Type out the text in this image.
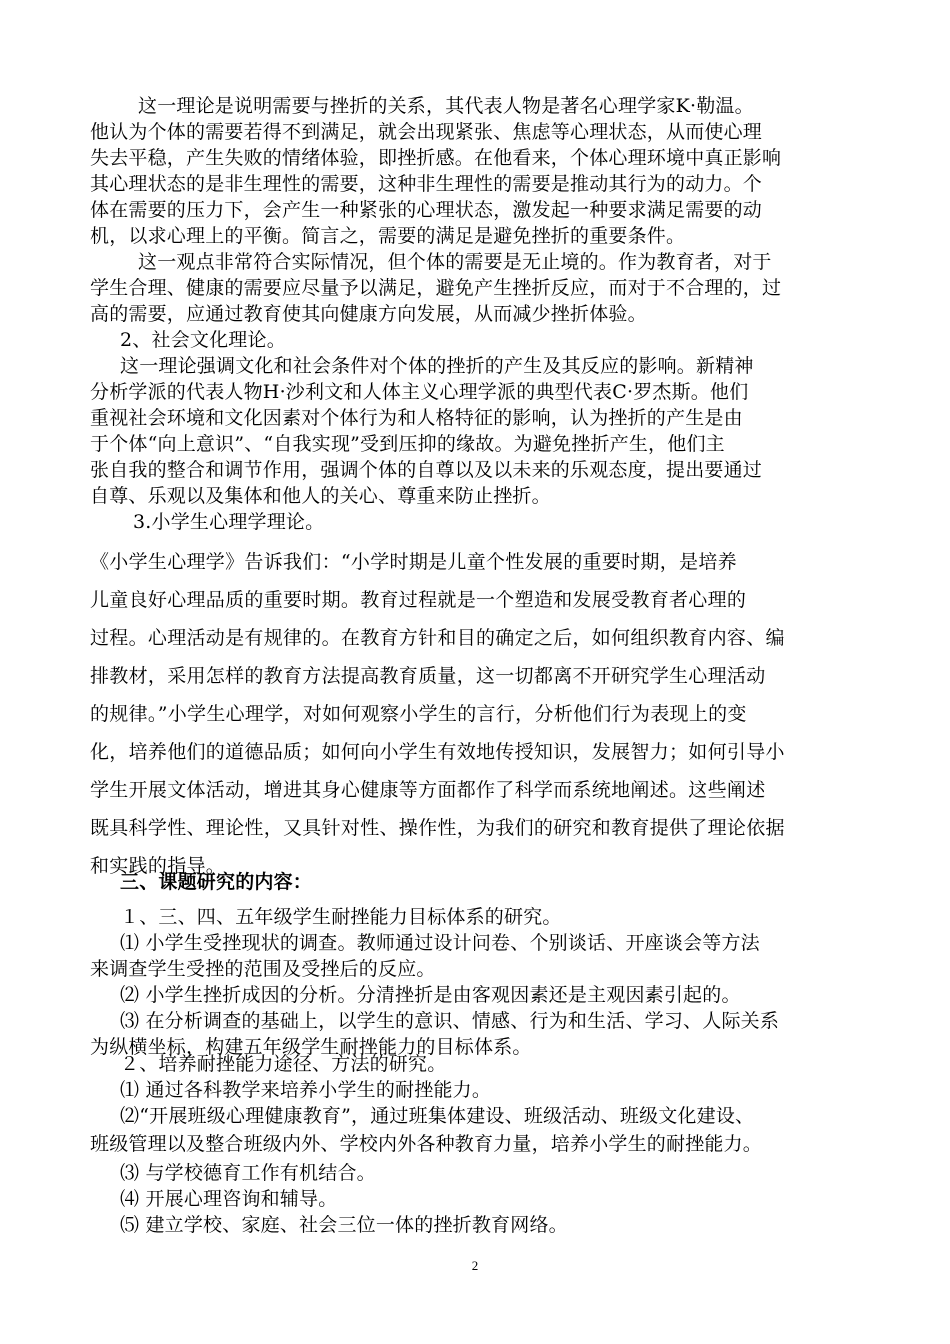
这一理论是说明需要与挫折的关系，其代表人物是著名心理学家K·勒温。

他认为个体的需要若得不到满足，就会出现紧张、焦虑等心理状态，从而使心理

失去平稳，产生失败的情绪体验，即挫折感。在他看来，个体心理环境中真正影响

其心理状态的是非生理性的需要，这种非生理性的需要是推动其行为的动力。个

体在需要的压力下，会产生一种紧张的心理状态，激发起一种要求满足需要的动

机，以求心理上的平衡。简言之，需要的满足是避免挫折的重要条件。

这一观点非常符合实际情况，但个体的需要是无止境的。作为教育者，对于

学生合理、健康的需要应尽量予以满足，避免产生挫折反应，而对于不合理的，过

高的需要，应通过教育使其向健康方向发展，从而减少挫折体验。

2、社会文化理论。

这一理论强调文化和社会条件对个体的挫折的产生及其反应的影响。新精神

分析学派的代表人物H·沙利文和人体主义心理学派的典型代表C·罗杰斯。他们

重视社会环境和文化因素对个体行为和人格特征的影响，认为挫折的产生是由

于个体“向上意识”、“自我实现”受到压抑的缘故。为避免挫折产生，他们主

张自我的整合和调节作用，强调个体的自尊以及以未来的乐观态度，提出要通过

自尊、乐观以及集体和他人的关心、尊重来防止挫折。

3.小学生心理学理论。

《小学生心理学》告诉我们：“小学时期是儿童个性发展的重要时期，是培养

儿童良好心理品质的重要时期。教育过程就是一个塑造和发展受教育者心理的

过程。心理活动是有规律的。在教育方针和目的确定之后，如何组织教育内容、编

排教材，采用怎样的教育方法提高教育质量，这一切都离不开研究学生心理活动

的规律。”小学生心理学，对如何观察小学生的言行，分析他们行为表现上的变

化，培养他们的道德品质；如何向小学生有效地传授知识，发展智力；如何引导小

学生开展文体活动，增进其身心健康等方面都作了科学而系统地阐述。这些阐述

既具科学性、理论性，又具针对性、操作性，为我们的研究和教育提供了理论依据

和实践的指导。

三、课题研究的内容：

１、三、四、五年级学生耐挫能力目标体系的研究。

⑴ 小学生受挫现状的调查。教师通过设计问卷、个别谈话、开座谈会等方法

来调查学生受挫的范围及受挫后的反应。

⑵ 小学生挫折成因的分析。分清挫折是由客观因素还是主观因素引起的。

⑶ 在分析调查的基础上，以学生的意识、情感、行为和生活、学习、人际关系

为纵横坐标，构建五年级学生耐挫能力的目标体系。

２、培养耐挫能力途径、方法的研究。

⑴ 通过各科教学来培养小学生的耐挫能力。

⑵“开展班级心理健康教育”，通过班集体建设、班级活动、班级文化建设、

班级管理以及整合班级内外、学校内外各种教育力量，培养小学生的耐挫能力。

⑶ 与学校德育工作有机结合。

⑷ 开展心理咨询和辅导。

⑸ 建立学校、家庭、社会三位一体的挫折教育网络。

2
